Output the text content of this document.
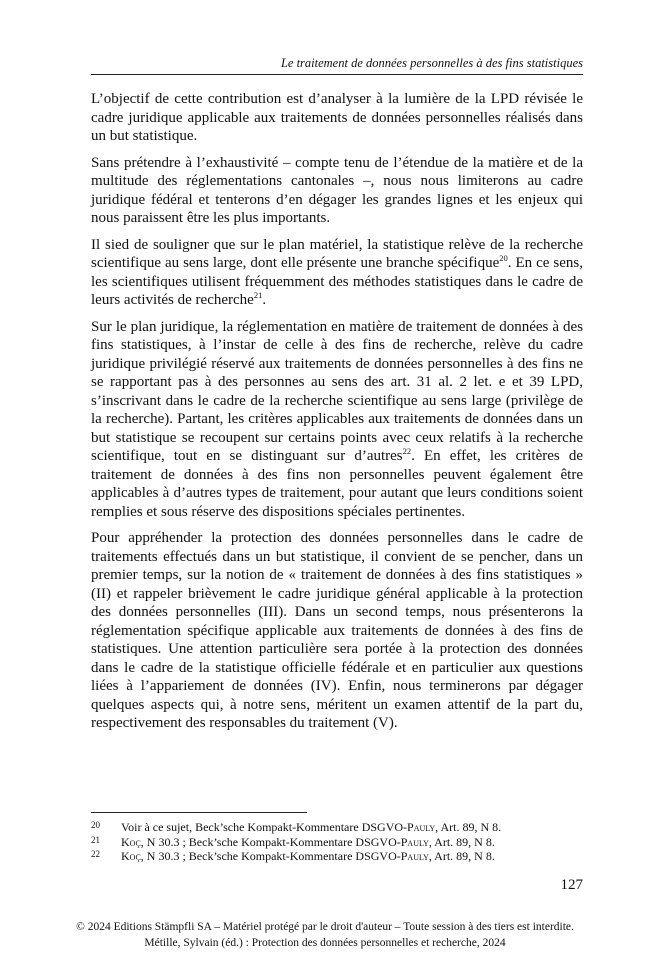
Le traitement de données personnelles à des fins statistiques

L’objectif de cette contribution est d’analyser à la lumière de la LPD révisée le cadre juridique applicable aux traitements de données personnelles réalisés dans un but statistique.

Sans prétendre à l’exhaustivité – compte tenu de l’étendue de la matière et de la multitude des réglementations cantonales –, nous nous limiterons au cadre juridique fédéral et tenterons d’en dégager les grandes lignes et les enjeux qui nous paraissent être les plus importants.

Il sied de souligner que sur le plan matériel, la statistique relève de la recherche scientifique au sens large, dont elle présente une branche spécifique$^{20}$. En ce sens, les scientifiques utilisent fréquemment des méthodes statistiques dans le cadre de leurs activités de recherche$^{21}$.

Sur le plan juridique, la réglementation en matière de traitement de données à des fins statistiques, à l’instar de celle à des fins de recherche, relève du cadre juridique privilégié réservé aux traitements de données personnelles à des fins ne se rapportant pas à des personnes au sens des art. 31 al. 2 let. e et 39 LPD, s’inscrivant dans le cadre de la recherche scientifique au sens large (privilège de la recherche). Partant, les critères applicables aux traitements de données dans un but statistique se recoupent sur certains points avec ceux relatifs à la recherche scientifique, tout en se distinguant sur d’autres$^{22}$. En effet, les critères de traitement de données à des fins non personnelles peuvent également être applicables à d’autres types de traitement, pour autant que leurs conditions soient remplies et sous réserve des dispositions spéciales pertinentes.

Pour appréhender la protection des données personnelles dans le cadre de traitements effectués dans un but statistique, il convient de se pencher, dans un premier temps, sur la notion de « traitement de données à des fins statistiques » (II) et rappeler brièvement le cadre juridique général applicable à la protection des données personnelles (III). Dans un second temps, nous présenterons la réglementation spécifique applicable aux traitements de données à des fins de statistiques. Une attention particulière sera portée à la protection des données dans le cadre de la statistique officielle fédérale et en particulier aux questions liées à l’appariement de données (IV). Enfin, nous terminerons par dégager quelques aspects qui, à notre sens, méritent un examen attentif de la part du, respectivement des responsables du traitement (V).

20 Voir à ce sujet, Beck’sche Kompakt-Kommentare DSGVO-Pauly, Art. 89, N 8.
21 Koç, N 30.3 ; Beck’sche Kompakt-Kommentare DSGVO-Pauly, Art. 89, N 8.
22 Koç, N 30.3 ; Beck’sche Kompakt-Kommentare DSGVO-Pauly, Art. 89, N 8.
127
© 2024 Editions Stämpfli SA – Matériel protégé par le droit d'auteur – Toute session à des tiers est interdite.
Métille, Sylvain (éd.) : Protection des données personnelles et recherche, 2024
